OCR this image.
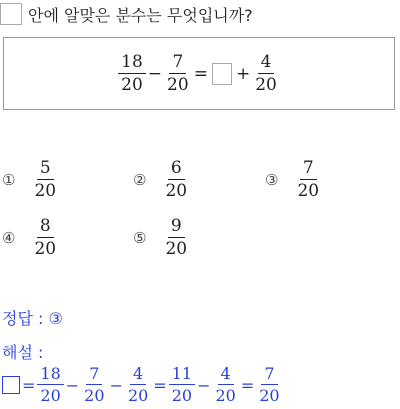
안에 알맞은 분수는 무엇입니까?
$\frac{18}{20} - \frac{7}{20}$ = + $\frac{4}{20}$
① $\frac{5}{20}$	② $\frac{6}{20}$	③ $\frac{7}{20}$
④ $\frac{8}{20}$	⑤ $\frac{9}{20}$
정답 : ③
해설 :
= $\frac{18}{20} - \frac{7}{20} - \frac{4}{20} = \frac{11}{20} - \frac{4}{20} = \frac{7}{20}$
